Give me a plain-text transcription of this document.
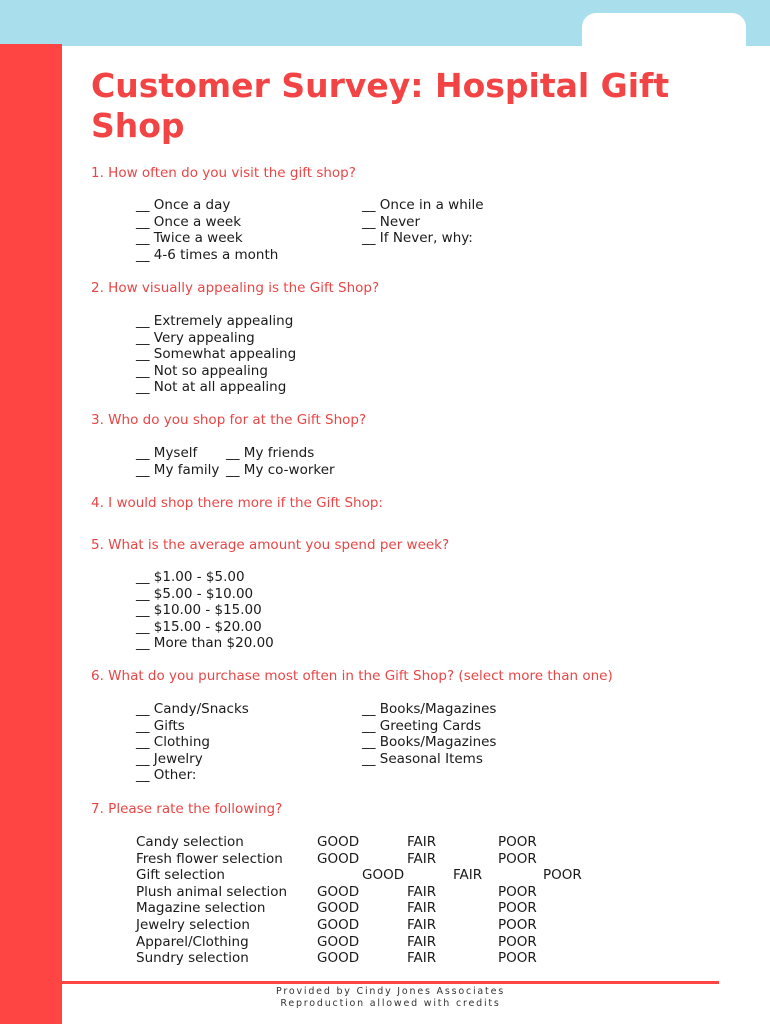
Customer Survey: Hospital Gift Shop
1. How often do you visit the gift shop?
__ Once a day
__ Once a week
__ Twice a week
__ 4-6 times a month
__ Once in a while
__ Never
__ If Never, why:
2. How visually appealing is the Gift Shop?
__ Extremely appealing
__ Very appealing
__ Somewhat appealing
__ Not so appealing
__ Not at all appealing
3. Who do you shop for at the Gift Shop?
__ Myself
__ My family
__ My friends
__ My co-worker
4. I would shop there more if the Gift Shop:
5. What is the average amount you spend per week?
__ $1.00 - $5.00
__ $5.00 - $10.00
__ $10.00 - $15.00
__ $15.00 - $20.00
__ More than $20.00
6. What do you purchase most often in the Gift Shop? (select more than one)
__ Candy/Snacks
__ Gifts
__ Clothing
__ Jewelry
__ Other:
__ Books/Magazines
__ Greeting Cards
__ Books/Magazines
__ Seasonal Items
7. Please rate the following?
Candy selection	GOOD	FAIR	POOR
Fresh flower selection	GOOD	FAIR	POOR
Gift selection	GOOD	FAIR	POOR
Plush animal selection GOOD	FAIR	POOR
Magazine selection	GOOD	FAIR	POOR
Jewelry selection	GOOD	FAIR	POOR
Apparel/Clothing	GOOD	FAIR	POOR
Sundry selection	GOOD	FAIR	POOR
Provided by Cindy Jones Associates
Reproduction allowed with credits
